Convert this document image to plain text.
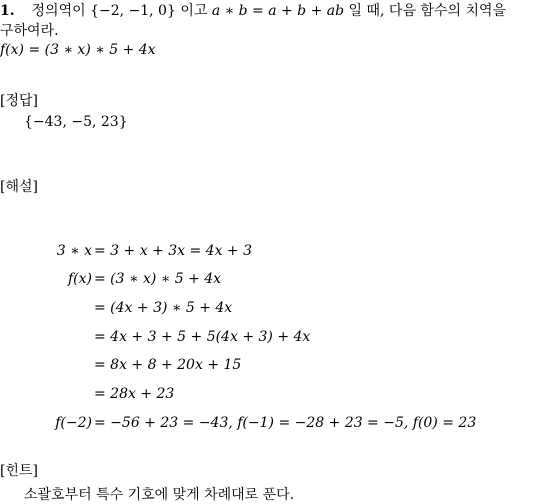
1. 정의역이 {−2, −1, 0} 이고 a ∗ b = a + b + ab 일 때, 다음 함수의 치역을
구하여라.
f(x) = (3 ∗ x) ∗ 5 + 4x
[정답]
{−43, −5, 23}
[해설]
3 ∗ x = 3 + x + 3x = 4x + 3
f(x) = (3 ∗ x) ∗ 5 + 4x
= (4x + 3) ∗ 5 + 4x
= 4x + 3 + 5 + 5(4x + 3) + 4x
= 8x + 8 + 20x + 15
= 28x + 23
f(−2) = −56 + 23 = −43, f(−1) = −28 + 23 = −5, f(0) = 23
[힌트]
소괄호부터 특수 기호에 맞게 차례대로 푼다.
